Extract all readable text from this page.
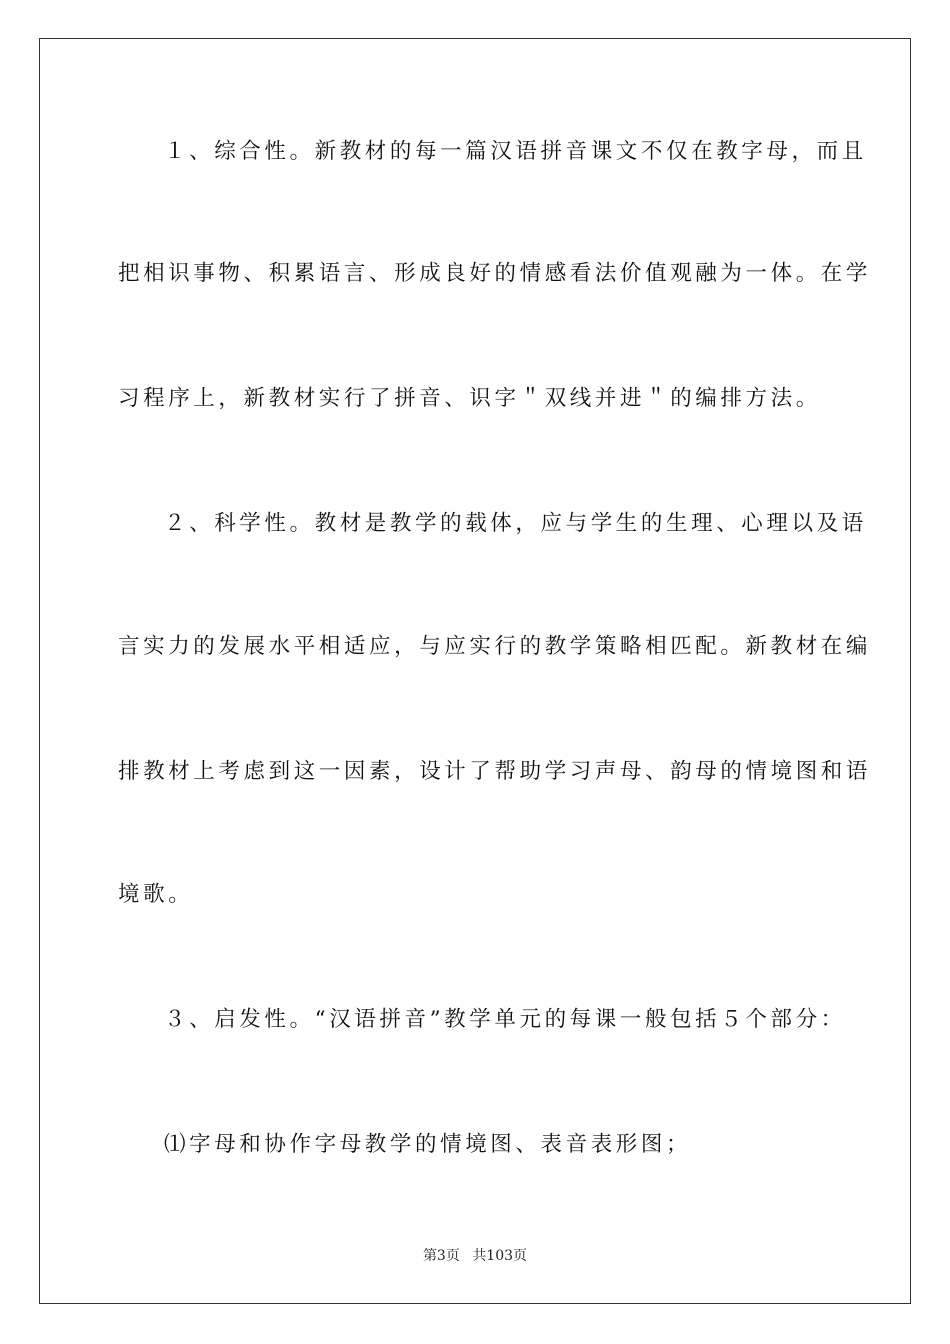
１、综合性。新教材的每一篇汉语拼音课文不仅在教字母，而且
把相识事物、积累语言、形成良好的情感看法价值观融为一体。在学
习程序上，新教材实行了拼音、识字＂双线并进＂的编排方法。
２、科学性。教材是教学的载体，应与学生的生理、心理以及语
言实力的发展水平相适应，与应实行的教学策略相匹配。新教材在编
排教材上考虑到这一因素，设计了帮助学习声母、韵母的情境图和语
境歌。
３、启发性。“汉语拼音”教学单元的每课一般包括５个部分：
⑴字母和协作字母教学的情境图、表音表形图；
第3页 共103页
